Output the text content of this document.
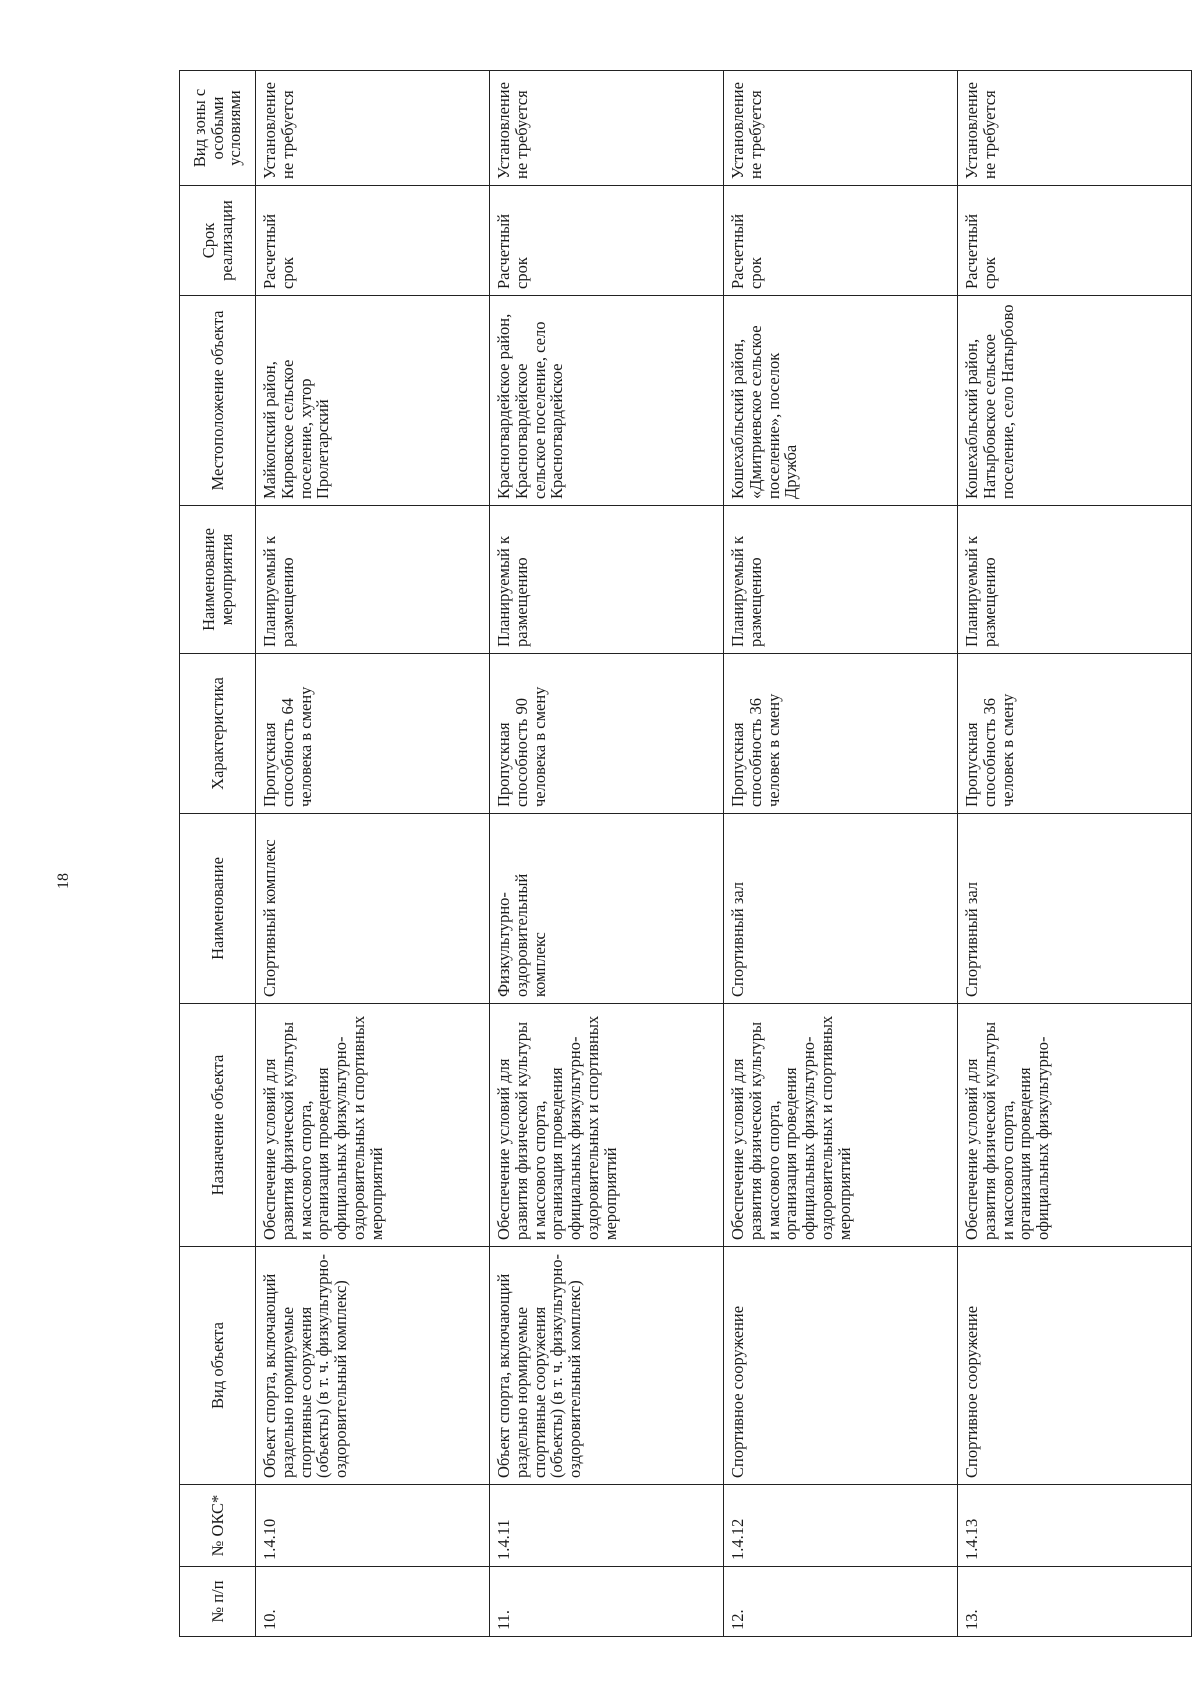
18
№ п/п	№ ОКС*	Вид объекта	Назначение объекта	Наименование	Характеристика	Наименование мероприятия	Местоположение объекта	Срок реализации	Вид зоны с особыми условиями
10.	1.4.10	Объект спорта, включающий раздельно нормируемые спортивные сооружения (объекты) (в т. ч. физкультурно-оздоровительный комплекс)	Обеспечение условий для развития физической культуры и массового спорта, организация проведения официальных физкультурно-оздоровительных и спортивных мероприятий	Спортивный комплекс	Пропускная способность 64 человека в смену	Планируемый к размещению	Майкопский район, Кировское сельское поселение, хутор Пролетарский	Расчетный срок	Установление не требуется
11.	1.4.11	Объект спорта, включающий раздельно нормируемые спортивные сооружения (объекты) (в т. ч. физкультурно-оздоровительный комплекс)	Обеспечение условий для развития физической культуры и массового спорта, организация проведения официальных физкультурно-оздоровительных и спортивных мероприятий	Физкультурно-оздоровительный комплекс	Пропускная способность 90 человека в смену	Планируемый к размещению	Красногвардейское район, Красногвардейское сельское поселение, село Красногвардейское	Расчетный срок	Установление не требуется
12.	1.4.12	Спортивное сооружение	Обеспечение условий для развития физической культуры и массового спорта, организация проведения официальных физкультурно-оздоровительных и спортивных мероприятий	Спортивный зал	Пропускная способность 36 человек в смену	Планируемый к размещению	Кошехабльский район, «Дмитриевское сельское поселение», поселок Дружба	Расчетный срок	Установление не требуется
13.	1.4.13	Спортивное сооружение	Обеспечение условий для развития физической культуры и массового спорта, организация проведения официальных физкультурно-	Спортивный зал	Пропускная способность 36 человек в смену	Планируемый к размещению	Кошехабльский район, Натырбовское сельское поселение, село Натырбово	Расчетный срок	Установление не требуется
